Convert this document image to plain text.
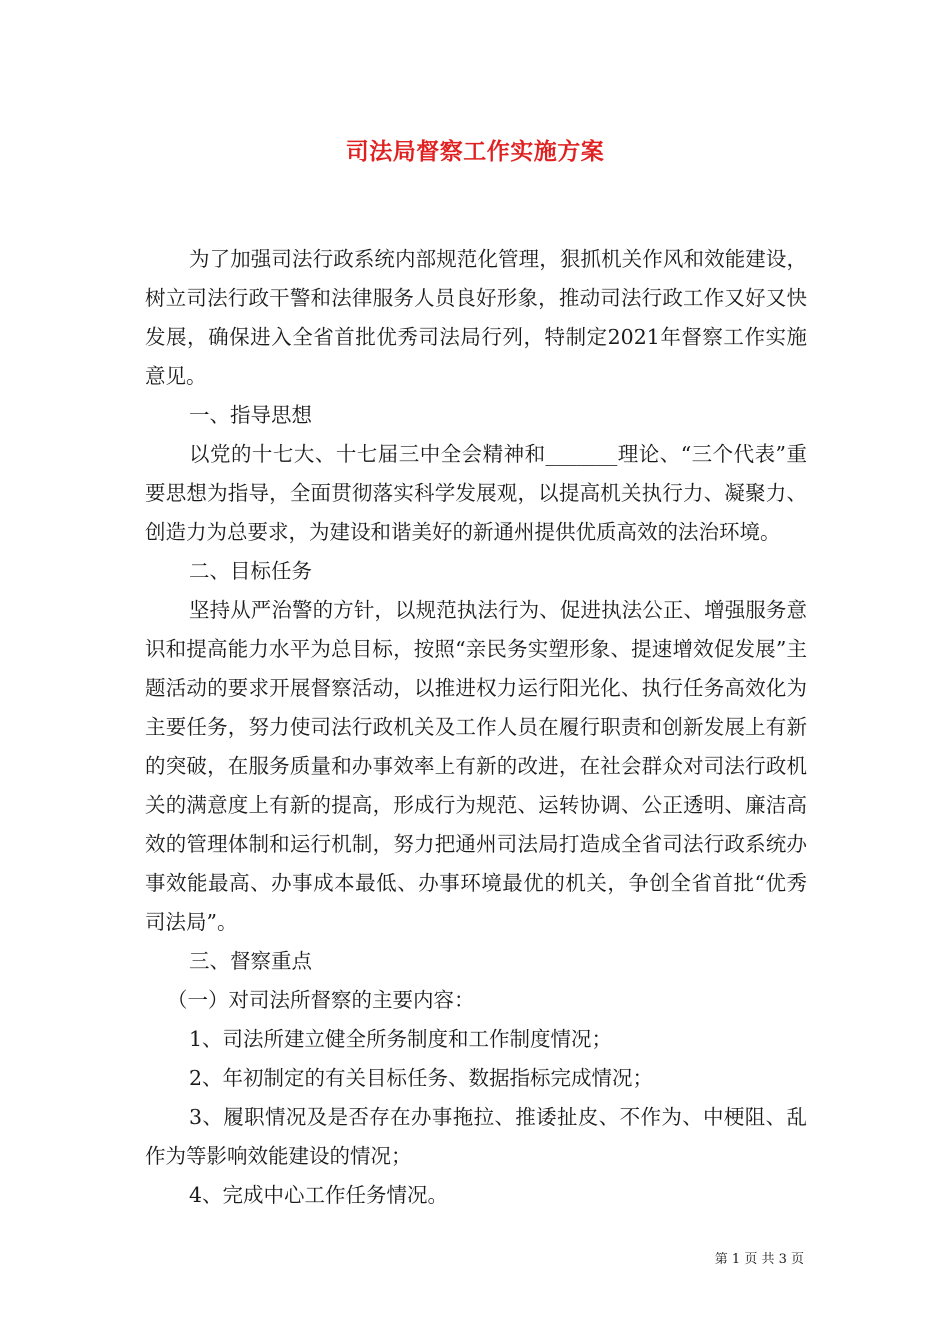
司法局督察工作实施方案

为了加强司法行政系统内部规范化管理，狠抓机关作风和效能建设，树立司法行政干警和法律服务人员良好形象，推动司法行政工作又好又快发展，确保进入全省首批优秀司法局行列，特制定2021年督察工作实施意见。

一、指导思想

以党的十七大、十七届三中全会精神和_______理论、“三个代表”重要思想为指导，全面贯彻落实科学发展观，以提高机关执行力、凝聚力、创造力为总要求，为建设和谐美好的新通州提供优质高效的法治环境。

二、目标任务

坚持从严治警的方针，以规范执法行为、促进执法公正、增强服务意识和提高能力水平为总目标，按照“亲民务实塑形象、提速增效促发展”主题活动的要求开展督察活动，以推进权力运行阳光化、执行任务高效化为主要任务，努力使司法行政机关及工作人员在履行职责和创新发展上有新的突破，在服务质量和办事效率上有新的改进，在社会群众对司法行政机关的满意度上有新的提高，形成行为规范、运转协调、公正透明、廉洁高效的管理体制和运行机制，努力把通州司法局打造成全省司法行政系统办事效能最高、办事成本最低、办事环境最优的机关，争创全省首批“优秀司法局”。

三、督察重点

（一）对司法所督察的主要内容：

1、司法所建立健全所务制度和工作制度情况；

2、年初制定的有关目标任务、数据指标完成情况；

3、履职情况及是否存在办事拖拉、推诿扯皮、不作为、中梗阻、乱作为等影响效能建设的情况；

4、完成中心工作任务情况。

第 1 页 共 3 页
